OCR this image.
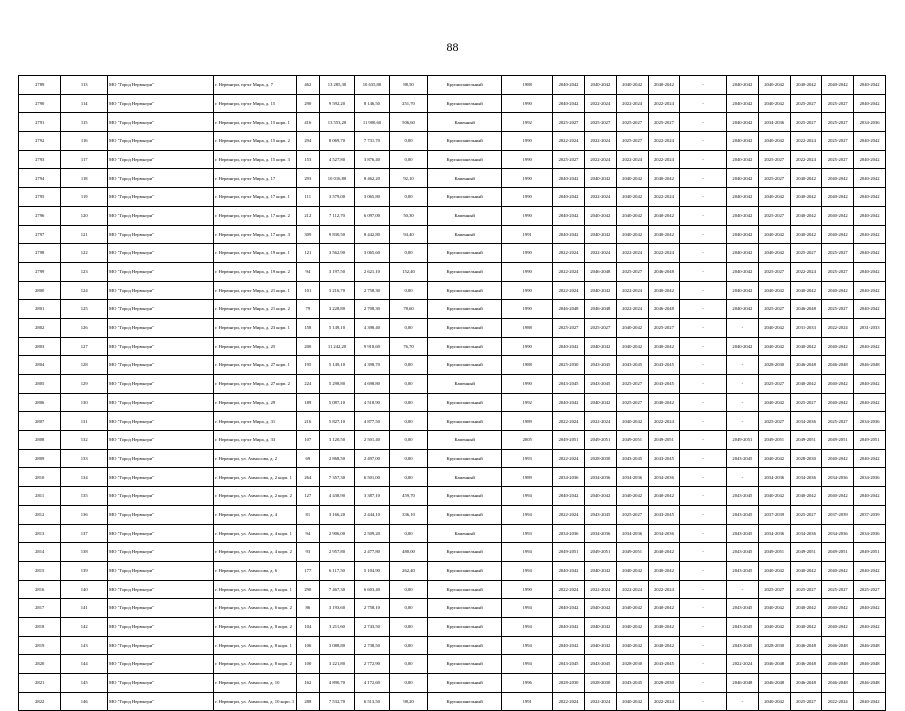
88
2789	113	МО "Город Нерюнгри"	г. Нерюнгри, пр-кт Мира, д. 7	462	13 285,30	10 635,80	88,50	Крупнопанельный	1988	2040-2042	2040-2042	2040-2042	2040-2042	-	2040-2042	2040-2042	2040-2042	2040-2042	2040-2042
2790	114	МО "Город Нерюнгри"	г. Нерюнгри, пр-кт Мира, д. 15	290	9 592,20	8 146,50	251,70	Крупнопанельный	1990	2040-2042	2022-2024	2022-2024	2022-2024	-	2040-2042	2040-2042	2025-2027	2025-2027	2040-2042
2791	115	МО "Город Нерюнгри"	г. Нерюнгри, пр-кт Мира, д. 15 корп. 1	416	13 553,20	11 900,60	506,60	Каменный	1992	2025-2027	2025-2027	2025-2027	2025-2027	-	2040-2042	2034-2036	2025-2027	2025-2027	2034-2036
2792	116	МО "Город Нерюнгри"	г. Нерюнгри, пр-кт Мира, д. 15 корп. 2	294	8 069,70	7 731,70	0,00	Крупнопанельный	1990	2022-2024	2022-2024	2025-2027	2022-2024	-	2040-2042	2040-2042	2022-2024	2025-2027	2040-2042
2793	117	МО "Город Нерюнгри"	г. Нерюнгри, пр-кт Мира, д. 15 корп. 3	153	4 527,80	3 876,40	0,00	Крупнопанельный	1990	2025-2027	2022-2024	2022-2024	2022-2024	-	2040-2042	2025-2027	2022-2024	2025-2027	2040-2042
2794	118	МО "Город Нерюнгри"	г. Нерюнгри, пр-кт Мира, д. 17	293	10 016,80	8 462,20	92,10	Каменный	1990	2040-2042	2040-2042	2040-2042	2040-2042	-	2040-2042	2025-2027	2040-2042	2040-2042	2040-2042
2795	119	МО "Город Нерюнгри"	г. Нерюнгри, пр-кт Мира, д. 17 корп. 1	111	3 579,00	3 065,80	0,00	Крупнопанельный	1990	2040-2042	2022-2024	2040-2042	2022-2024	-	2040-2042	2040-2042	2040-2042	2040-2042	2040-2042
2796	120	МО "Город Нерюнгри"	г. Нерюнгри, пр-кт Мира, д. 17 корп. 2	212	7 112,70	6 097,00	50,30	Каменный	1990	2040-2042	2040-2042	2040-2042	2040-2042	-	2040-2042	2025-2027	2040-2042	2040-2042	2040-2042
2797	121	МО "Город Нерюнгри"	г. Нерюнгри, пр-кт Мира, д. 17 корп. 3	309	9 830,50	8 442,80	94,40	Каменный	1991	2040-2042	2040-2042	2040-2042	2040-2042	-	2040-2042	2040-2042	2040-2042	2040-2042	2040-2042
2798	122	МО "Город Нерюнгри"	г. Нерюнгри, пр-кт Мира, д. 19 корп. 1	121	3 562,90	3 065,60	0,00	Крупнопанельный	1990	2022-2024	2022-2024	2022-2024	2022-2024	-	2040-2042	2040-2042	2025-2027	2025-2027	2040-2042
2799	123	МО "Город Нерюнгри"	г. Нерюнгри, пр-кт Мира, д. 19 корп. 2	94	3 197,50	2 621,10	152,40	Крупнопанельный	1990	2022-2024	2046-2048	2025-2027	2046-2048	-	2040-2042	2025-2027	2022-2024	2025-2027	2040-2042
2800	124	МО "Город Нерюнгри"	г. Нерюнгри, пр-кт Мира, д. 21 корп. 1	101	3 216,70	2 758,30	0,00	Крупнопанельный	1990	2022-2024	2040-2042	2022-2024	2040-2042	-	2040-2042	2040-2042	2040-2042	2040-2042	2040-2042
2801	125	МО "Город Нерюнгри"	г. Нерюнгри, пр-кт Мира, д. 21 корп. 2	79	3 228,80	2 708,30	78,60	Крупнопанельный	1990	2046-2048	2046-2048	2022-2024	2046-2048	-	2040-2042	2025-2027	2046-2048	2025-2027	2040-2042
2802	126	МО "Город Нерюнгри"	г. Нерюнгри, пр-кт Мира, д. 23 корп. 1	158	5 149,10	4 398,40	0,00	Крупнопанельный	1988	2025-2027	2025-2027	2040-2042	2025-2027	-	-	2040-2042	2031-2033	2022-2024	2031-2033
2803	127	МО "Город Нерюнгри"	г. Нерюнгри, пр-кт Мира, д. 25	200	11 242,20	9 918,60	76,70	Крупнопанельный	1990	2040-2042	2040-2042	2040-2042	2040-2042	-	2040-2042	2040-2042	2040-2042	2040-2042	2040-2042
2804	128	МО "Город Нерюнгри"	г. Нерюнгри, пр-кт Мира, д. 27 корп. 1	195	5 149,10	4 398,70	0,00	Крупнопанельный	1988	2025-2030	2043-2045	2043-2045	2043-2045	-	-	2028-2030	2046-2048	2046-2048	2046-2048
2805	129	МО "Город Нерюнгри"	г. Нерюнгри, пр-кт Мира, д. 27 корп. 2	224	5 298,80	4 698,80	0,00	Каменный	1990	2043-2045	2043-2045	2025-2027	2043-2045	-	-	2025-2027	2040-2042	2040-2042	2040-2042
2806	130	МО "Город Нерюнгри"	г. Нерюнгри, пр-кт Мира, д. 29	189	5 087,10	4 518,90	0,00	Крупнопанельный	1992	2040-2042	2040-2042	2025-2027	2040-2042	-	-	2040-2042	2025-2027	2040-2042	2040-2042
2807	131	МО "Город Нерюнгри"	г. Нерюнгри, пр-кт Мира, д. 31	216	5 827,10	4 877,50	0,00	Крупнопанельный	1989	2022-2024	2022-2024	2040-2042	2022-2024	-	-	2025-2027	2034-2036	2025-2027	2034-2036
2808	132	МО "Город Нерюнгри"	г. Нерюнгри, пр-кт Мира, д. 33	107	3 120,50	2 501,40	0,00	Каменный	2005	2049-2051	2049-2051	2049-2051	2049-2051	-	2049-2051	2049-2051	2049-2051	2049-2051	2049-2051
2809	133	МО "Город Нерюнгри"	г. Нерюнгри, ул. Аммосова, д. 2	69	2 868,50	2 497,00	0,00	Крупнопанельный	1993	2022-2024	2028-2030	2043-2045	2043-2045	-	2043-2045	2040-2042	2028-2030	2040-2042	2040-2042
2810	134	МО "Город Нерюнгри"	г. Нерюнгри, ул. Аммосова, д. 2 корп. 1	264	7 357,30	6 501,00	0,00	Каменный	1989	2034-2036	2034-2036	2034-2036	2034-2036	-	-	2034-2036	2034-2036	2034-2036	2034-2036
2811	135	МО "Город Нерюнгри"	г. Нерюнгри, ул. Аммосова, д. 2 корп. 2	127	4 438,90	3 387,10	459,70	Крупнопанельный	1994	2040-2042	2040-2042	2040-2042	2040-2042	-	2043-2045	2040-2042	2040-2042	2040-2042	2040-2042
2812	136	МО "Город Нерюнгри"	г. Нерюнгри, ул. Аммосова, д. 4	81	3 166,20	2 444,10	336,10	Крупнопанельный	1994	2022-2024	2043-2045	2025-2027	2043-2045	-	2043-2045	2037-2039	2025-2027	2037-2039	2037-2039
2813	137	МО "Город Нерюнгри"	г. Нерюнгри, ул. Аммосова, д. 4 корп. 1	94	2 906,00	2 509,20	0,00	Каменный	1993	2034-2036	2034-2036	2034-2036	2034-2036	-	2043-2045	2034-2036	2034-2036	2034-2036	2034-2036
2814	138	МО "Город Нерюнгри"	г. Нерюнгри, ул. Аммосова, д. 4 корп. 2	93	2 957,80	2 477,80	480,00	Крупнопанельный	1994	2049-2051	2049-2051	2049-2051	2040-2042	-	2043-2045	2049-2051	2049-2051	2049-2051	2049-2051
2815	139	МО "Город Нерюнгри"	г. Нерюнгри, ул. Аммосова, д. 6	177	6 117,50	5 104,90	262,40	Крупнопанельный	1994	2040-2042	2040-2042	2040-2042	2040-2042	-	2043-2045	2040-2042	2040-2042	2040-2042	2040-2042
2816	140	МО "Город Нерюнгри"	г. Нерюнгри, ул. Аммосова, д. 6 корп. 1	290	7 467,30	6 603,40	0,00	Крупнопанельный	1990	2022-2024	2022-2024	2022-2024	2022-2024	-	-	2025-2027	2025-2027	2025-2027	2025-2027
2817	141	МО "Город Нерюнгри"	г. Нерюнгри, ул. Аммосова, д. 6 корп. 2	86	3 193,60	2 758,10	0,00	Крупнопанельный	1994	2040-2042	2040-2042	2040-2042	2040-2042	-	2043-2045	2040-2042	2040-2042	2040-2042	2040-2042
2818	142	МО "Город Нерюнгри"	г. Нерюнгри, ул. Аммосова, д. 8 корп. 2	104	3 211,60	2 743,50	0,00	Крупнопанельный	1994	2040-2042	2040-2042	2040-2042	2040-2042	-	2043-2045	2040-2042	2040-2042	2040-2042	2040-2042
2819	143	МО "Город Нерюнгри"	г. Нерюнгри, ул. Аммосова, д. 8 корп. 1	106	3 088,80	2 738,50	0,00	Крупнопанельный	1994	2040-2042	2040-2042	2040-2042	2040-2042	-	2043-2045	2028-2030	2046-2048	2046-2048	2046-2048
2820	144	МО "Город Нерюнгри"	г. Нерюнгри, ул. Аммосова, д. 8 корп. 2	100	3 221,80	2 772,90	0,00	Крупнопанельный	1994	2043-2045	2043-2045	2028-2030	2043-2045	-	2022-2024	2046-2048	2046-2048	2046-2048	2046-2048
2821	145	МО "Город Нерюнгри"	г. Нерюнгри, ул. Аммосова, д. 10	162	4 890,70	4 172,60	0,00	Крупнопанельный	1996	2028-2030	2028-2030	2043-2045	2028-2030	-	2046-2048	2046-2048	2046-2048	2046-2048	2046-2048
2822	146	МО "Город Нерюнгри"	г. Нерюнгри, ул. Аммосова, д. 10 корп. 1	288	7 532,70	6 513,50	98,20	Крупнопанельный	1991	2022-2024	2022-2024	2040-2042	2022-2024	-	-	2040-2042	2025-2027	2022-2024	2040-2042
